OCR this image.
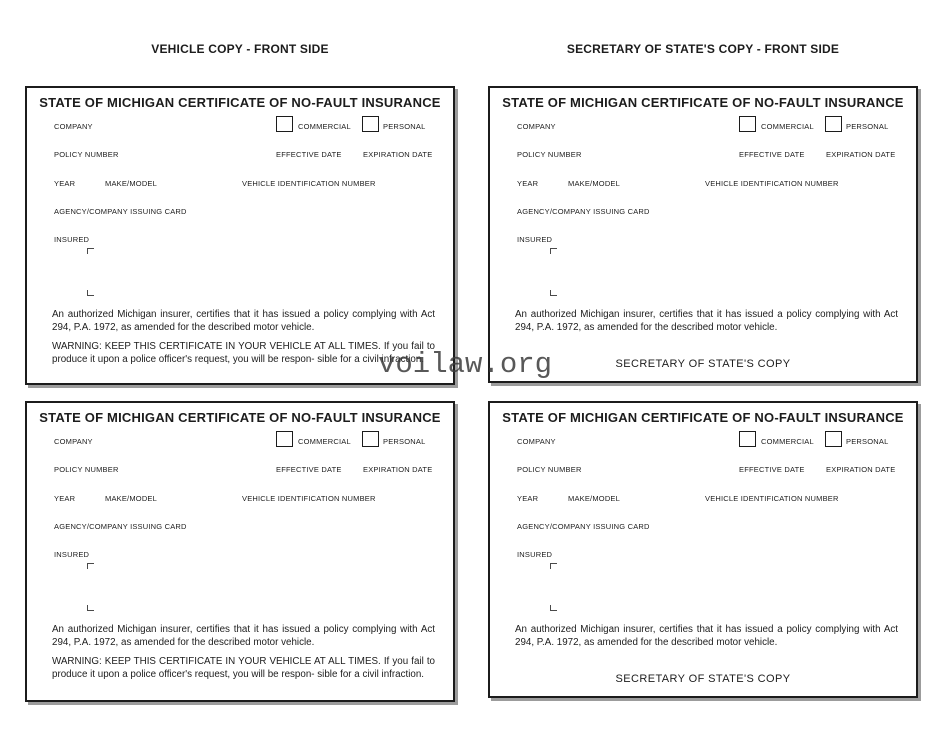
VEHICLE COPY - FRONT SIDE	SECRETARY OF STATE'S COPY - FRONT SIDE
STATE OF MICHIGAN CERTIFICATE OF NO-FAULT INSURANCE
COMPANY	COMMERCIAL	PERSONAL
POLICY NUMBER	EFFECTIVE DATE	EXPIRATION DATE
YEAR	MAKE/MODEL	VEHICLE IDENTIFICATION NUMBER
AGENCY/COMPANY ISSUING CARD
INSURED

An authorized Michigan insurer, certifies that it has issued a policy complying with Act 294, P.A. 1972, as amended for the described motor vehicle.

WARNING: KEEP THIS CERTIFICATE IN YOUR VEHICLE AT ALL TIMES. If you fail to produce it upon a police officer's request, you will be respon- sible for a civil infraction.

STATE OF MICHIGAN CERTIFICATE OF NO-FAULT INSURANCE
COMPANY	COMMERCIAL	PERSONAL
POLICY NUMBER	EFFECTIVE DATE	EXPIRATION DATE
YEAR	MAKE/MODEL	VEHICLE IDENTIFICATION NUMBER
AGENCY/COMPANY ISSUING CARD
INSURED

An authorized Michigan insurer, certifies that it has issued a policy complying with Act 294, P.A. 1972, as amended for the described motor vehicle.

SECRETARY OF STATE'S COPY
STATE OF MICHIGAN CERTIFICATE OF NO-FAULT INSURANCE
COMPANY	COMMERCIAL	PERSONAL
POLICY NUMBER	EFFECTIVE DATE	EXPIRATION DATE
YEAR	MAKE/MODEL	VEHICLE IDENTIFICATION NUMBER
AGENCY/COMPANY ISSUING CARD
INSURED

An authorized Michigan insurer, certifies that it has issued a policy complying with Act 294, P.A. 1972, as amended for the described motor vehicle.

WARNING: KEEP THIS CERTIFICATE IN YOUR VEHICLE AT ALL TIMES. If you fail to produce it upon a police officer's request, you will be respon- sible for a civil infraction.

STATE OF MICHIGAN CERTIFICATE OF NO-FAULT INSURANCE
COMPANY	COMMERCIAL	PERSONAL
POLICY NUMBER	EFFECTIVE DATE	EXPIRATION DATE
YEAR	MAKE/MODEL	VEHICLE IDENTIFICATION NUMBER
AGENCY/COMPANY ISSUING CARD
INSURED

An authorized Michigan insurer, certifies that it has issued a policy complying with Act 294, P.A. 1972, as amended for the described motor vehicle.

SECRETARY OF STATE'S COPY
voilaw.org
